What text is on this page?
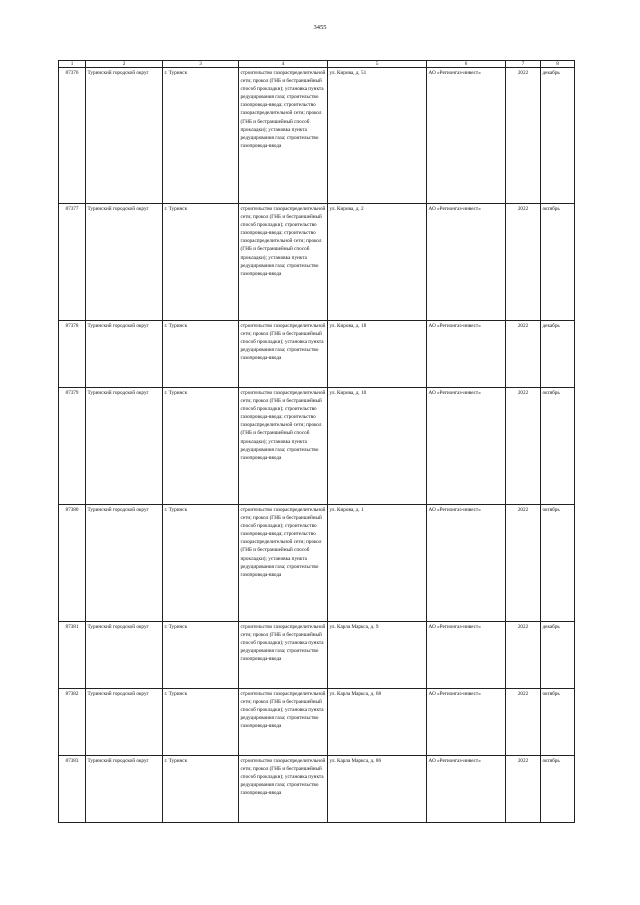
3455
1	2	3	4	5	6	7	8
87376	Туринский городской округ	г. Туринск	строительство газораспределительной сети; прокол (ГНБ и бестраншейный способ прокладки); установка пункта редуцирования газа; строительство газопровода-ввода; строительство газораспределительной сети; прокол (ГНБ и бестраншейный способ прокладки); установка пункта редуцирования газа; строительство газопровода-ввода	ул. Кирова, д. 51	АО «Регионгаз-инвест»	2022	декабрь
87377	Туринский городской округ	г. Туринск	строительство газораспределительной сети; прокол (ГНБ и бестраншейный способ прокладки); строительство газопровода-ввода; строительство газораспределительной сети; прокол (ГНБ и бестраншейный способ прокладки); установка пункта редуцирования газа; строительство газопровода-ввода	ул. Кирова, д. 2	АО «Регионгаз-инвест»	2022	октябрь
87378	Туринский городской округ	г. Туринск	строительство газораспределительной сети; прокол (ГНБ и бестраншейный способ прокладки); установка пункта редуцирования газа; строительство газопровода-ввода	ул. Кирова, д. 18	АО «Регионгаз-инвест»	2022	декабрь
87379	Туринский городской округ	г. Туринск	строительство газораспределительной сети; прокол (ГНБ и бестраншейный способ прокладки); строительство газопровода-ввода; строительство газораспределительной сети; прокол (ГНБ и бестраншейный способ прокладки); установка пункта редуцирования газа; строительство газопровода-ввода	ул. Кирова, д. 10	АО «Регионгаз-инвест»	2022	октябрь
87380	Туринский городской округ	г. Туринск	строительство газораспределительной сети; прокол (ГНБ и бестраншейный способ прокладки); строительство газопровода-ввода; строительство газораспределительной сети; прокол (ГНБ и бестраншейный способ прокладки); установка пункта редуцирования газа; строительство газопровода-ввода	ул. Кирова, д. 1	АО «Регионгаз-инвест»	2022	октябрь
87381	Туринский городской округ	г. Туринск	строительство газораспределительной сети; прокол (ГНБ и бестраншейный способ прокладки); установка пункта редуцирования газа; строительство газопровода-ввода	ул. Карла Маркса, д. 9	АО «Регионгаз-инвест»	2022	декабрь
87382	Туринский городской округ	г. Туринск	строительство газораспределительной сети; прокол (ГНБ и бестраншейный способ прокладки); установка пункта редуцирования газа; строительство газопровода-ввода	ул. Карла Маркса, д. 68	АО «Регионгаз-инвест»	2022	октябрь
87383	Туринский городской округ	г. Туринск	строительство газораспределительной сети; прокол (ГНБ и бестраншейный способ прокладки); установка пункта редуцирования газа; строительство газопровода-ввода	ул. Карла Маркса, д. 86	АО «Регионгаз-инвест»	2022	октябрь
